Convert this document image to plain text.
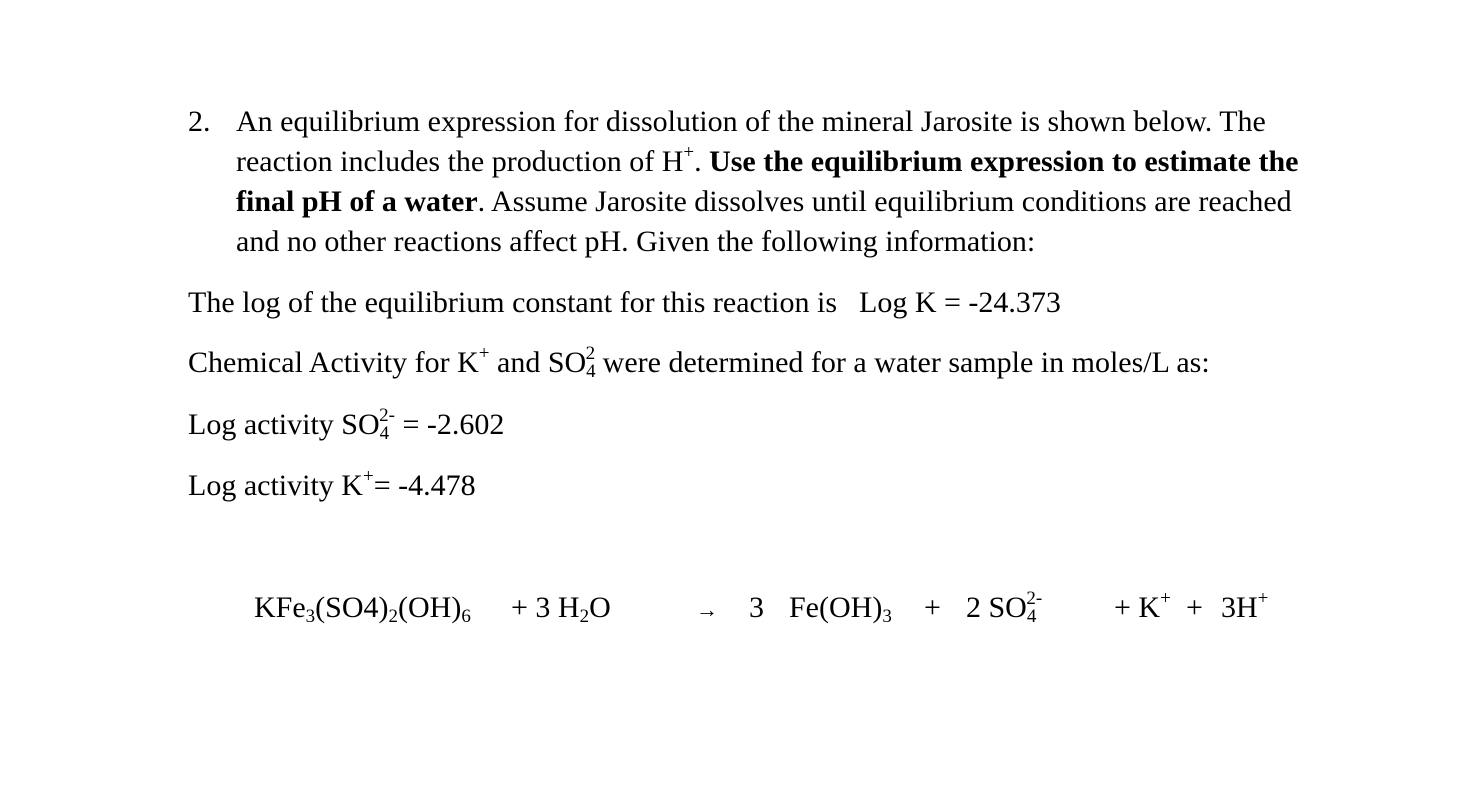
2. An equilibrium expression for dissolution of the mineral Jarosite is shown below. The
reaction includes the production of H+. Use the equilibrium expression to estimate the
final pH of a water. Assume Jarosite dissolves until equilibrium conditions are reached
and no other reactions affect pH. Given the following information:
The log of the equilibrium constant for this reaction is Log K = -24.373
Chemical Activity for K+ and $SO_4^2$ were determined for a water sample in moles/L as:
Log activity $SO_4^{2-} = -2.602$
Log activity K+= -4.478
$KFe_3(SO4)_2(OH)_6 + 3$ $H_2O$	→ 3 $Fe(OH)_3 + 2$ $SO_4^{2-} + K^+ + 3H^+$
